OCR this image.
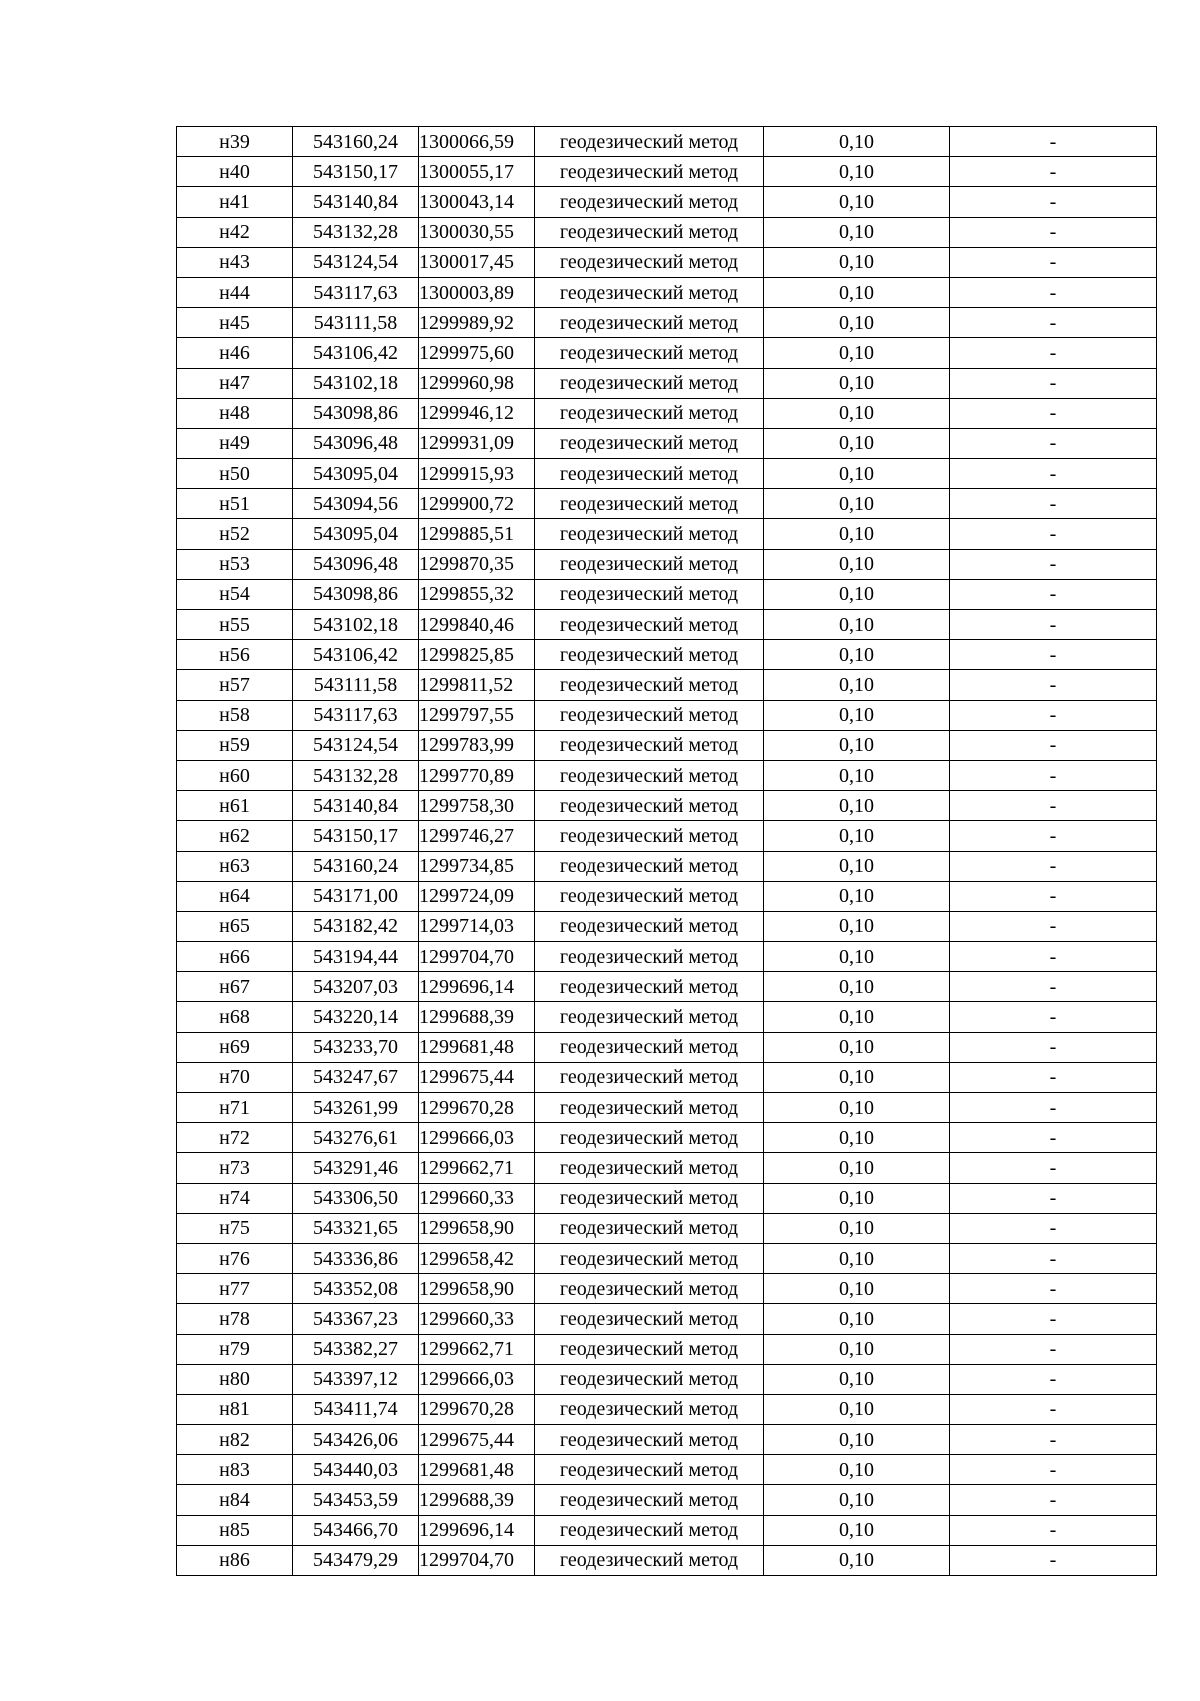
н39	543160,24	1300066,59	геодезический метод	0,10	-
н40	543150,17	1300055,17	геодезический метод	0,10	-
н41	543140,84	1300043,14	геодезический метод	0,10	-
н42	543132,28	1300030,55	геодезический метод	0,10	-
н43	543124,54	1300017,45	геодезический метод	0,10	-
н44	543117,63	1300003,89	геодезический метод	0,10	-
н45	543111,58	1299989,92	геодезический метод	0,10	-
н46	543106,42	1299975,60	геодезический метод	0,10	-
н47	543102,18	1299960,98	геодезический метод	0,10	-
н48	543098,86	1299946,12	геодезический метод	0,10	-
н49	543096,48	1299931,09	геодезический метод	0,10	-
н50	543095,04	1299915,93	геодезический метод	0,10	-
н51	543094,56	1299900,72	геодезический метод	0,10	-
н52	543095,04	1299885,51	геодезический метод	0,10	-
н53	543096,48	1299870,35	геодезический метод	0,10	-
н54	543098,86	1299855,32	геодезический метод	0,10	-
н55	543102,18	1299840,46	геодезический метод	0,10	-
н56	543106,42	1299825,85	геодезический метод	0,10	-
н57	543111,58	1299811,52	геодезический метод	0,10	-
н58	543117,63	1299797,55	геодезический метод	0,10	-
н59	543124,54	1299783,99	геодезический метод	0,10	-
н60	543132,28	1299770,89	геодезический метод	0,10	-
н61	543140,84	1299758,30	геодезический метод	0,10	-
н62	543150,17	1299746,27	геодезический метод	0,10	-
н63	543160,24	1299734,85	геодезический метод	0,10	-
н64	543171,00	1299724,09	геодезический метод	0,10	-
н65	543182,42	1299714,03	геодезический метод	0,10	-
н66	543194,44	1299704,70	геодезический метод	0,10	-
н67	543207,03	1299696,14	геодезический метод	0,10	-
н68	543220,14	1299688,39	геодезический метод	0,10	-
н69	543233,70	1299681,48	геодезический метод	0,10	-
н70	543247,67	1299675,44	геодезический метод	0,10	-
н71	543261,99	1299670,28	геодезический метод	0,10	-
н72	543276,61	1299666,03	геодезический метод	0,10	-
н73	543291,46	1299662,71	геодезический метод	0,10	-
н74	543306,50	1299660,33	геодезический метод	0,10	-
н75	543321,65	1299658,90	геодезический метод	0,10	-
н76	543336,86	1299658,42	геодезический метод	0,10	-
н77	543352,08	1299658,90	геодезический метод	0,10	-
н78	543367,23	1299660,33	геодезический метод	0,10	-
н79	543382,27	1299662,71	геодезический метод	0,10	-
н80	543397,12	1299666,03	геодезический метод	0,10	-
н81	543411,74	1299670,28	геодезический метод	0,10	-
н82	543426,06	1299675,44	геодезический метод	0,10	-
н83	543440,03	1299681,48	геодезический метод	0,10	-
н84	543453,59	1299688,39	геодезический метод	0,10	-
н85	543466,70	1299696,14	геодезический метод	0,10	-
н86	543479,29	1299704,70	геодезический метод	0,10	-
